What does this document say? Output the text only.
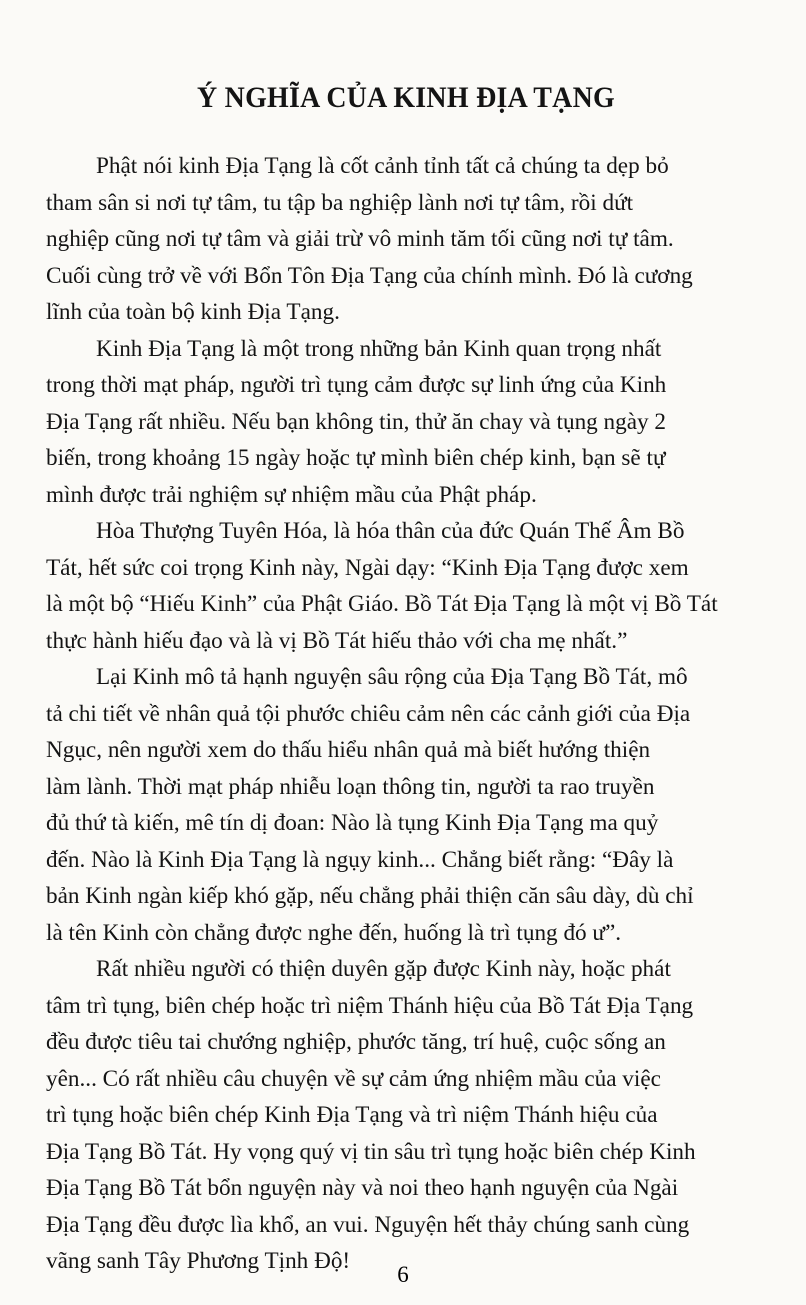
Ý NGHĨA CỦA KINH ĐỊA TẠNG

Phật nói kinh Địa Tạng là cốt cảnh tỉnh tất cả chúng ta dẹp bỏ
tham sân si nơi tự tâm, tu tập ba nghiệp lành nơi tự tâm, rồi dứt
nghiệp cũng nơi tự tâm và giải trừ vô minh tăm tối cũng nơi tự tâm.
Cuối cùng trở về với Bổn Tôn Địa Tạng của chính mình. Đó là cương
lĩnh của toàn bộ kinh Địa Tạng.

Kinh Địa Tạng là một trong những bản Kinh quan trọng nhất
trong thời mạt pháp, người trì tụng cảm được sự linh ứng của Kinh
Địa Tạng rất nhiều. Nếu bạn không tin, thử ăn chay và tụng ngày 2
biến, trong khoảng 15 ngày hoặc tự mình biên chép kinh, bạn sẽ tự
mình được trải nghiệm sự nhiệm mầu của Phật pháp.

Hòa Thượng Tuyên Hóa, là hóa thân của đức Quán Thế Âm Bồ
Tát, hết sức coi trọng Kinh này, Ngài dạy: “Kinh Địa Tạng được xem
là một bộ “Hiếu Kinh” của Phật Giáo. Bồ Tát Địa Tạng là một vị Bồ Tát
thực hành hiếu đạo và là vị Bồ Tát hiếu thảo với cha mẹ nhất.”

Lại Kinh mô tả hạnh nguyện sâu rộng của Địa Tạng Bồ Tát, mô
tả chi tiết về nhân quả tội phước chiêu cảm nên các cảnh giới của Địa
Ngục, nên người xem do thấu hiểu nhân quả mà biết hướng thiện
làm lành. Thời mạt pháp nhiễu loạn thông tin, người ta rao truyền
đủ thứ tà kiến, mê tín dị đoan: Nào là tụng Kinh Địa Tạng ma quỷ
đến. Nào là Kinh Địa Tạng là ngụy kinh... Chẳng biết rằng: “Đây là
bản Kinh ngàn kiếp khó gặp, nếu chẳng phải thiện căn sâu dày, dù chỉ
là tên Kinh còn chẳng được nghe đến, huống là trì tụng đó ư”.

Rất nhiều người có thiện duyên gặp được Kinh này, hoặc phát
tâm trì tụng, biên chép hoặc trì niệm Thánh hiệu của Bồ Tát Địa Tạng
đều được tiêu tai chướng nghiệp, phước tăng, trí huệ, cuộc sống an
yên... Có rất nhiều câu chuyện về sự cảm ứng nhiệm mầu của việc
trì tụng hoặc biên chép Kinh Địa Tạng và trì niệm Thánh hiệu của
Địa Tạng Bồ Tát. Hy vọng quý vị tin sâu trì tụng hoặc biên chép Kinh
Địa Tạng Bồ Tát bổn nguyện này và noi theo hạnh nguyện của Ngài
Địa Tạng đều được lìa khổ, an vui. Nguyện hết thảy chúng sanh cùng
vãng sanh Tây Phương Tịnh Độ!

6
